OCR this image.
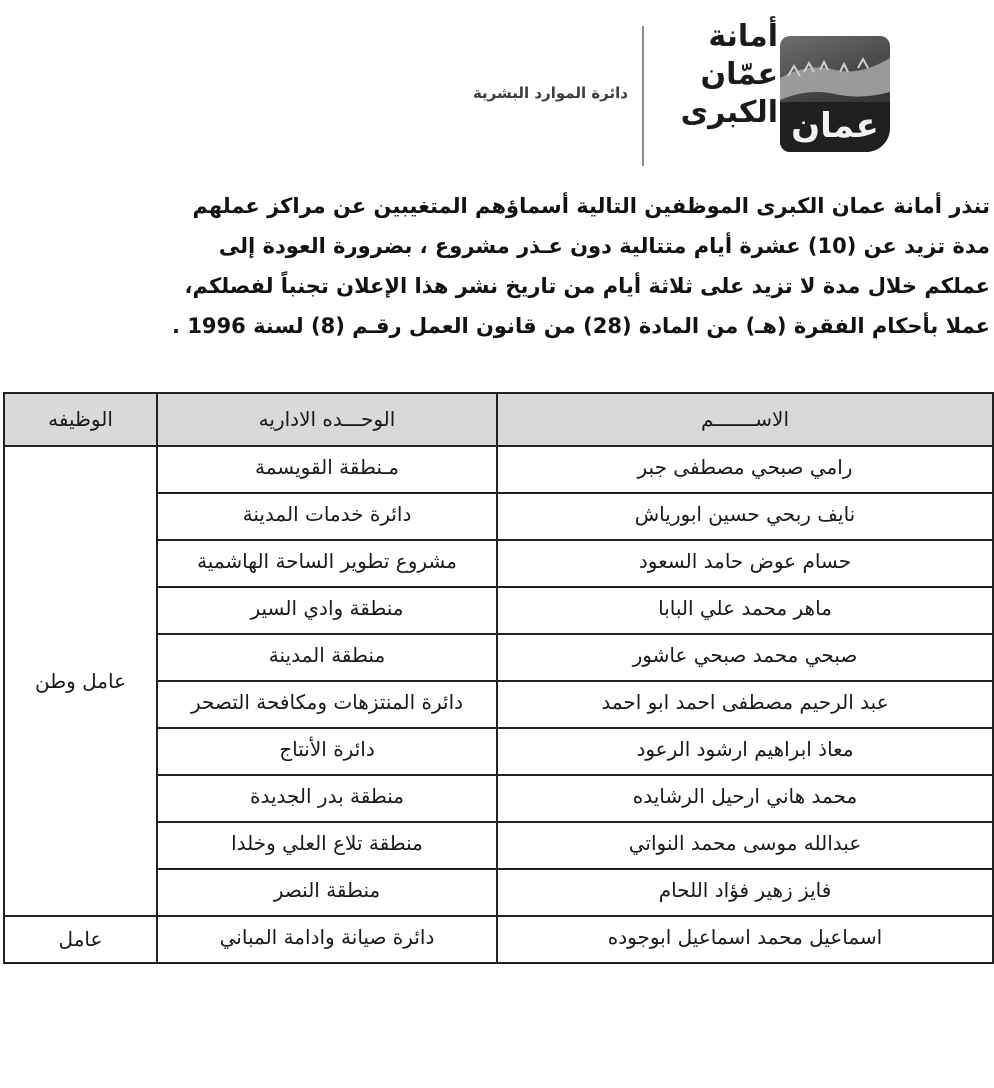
دائرة الموارد البشرية
أمانة
عمّان
الكبرى عمان

تنذر أمانة عمان الكبرى الموظفين التالية أسماؤهم المتغيبين عن مراكز عملهم

مدة تزيد عن (10) عشرة أيام متتالية دون عـذر مشروع ، بضرورة العودة إلى

عملكم خلال مدة لا تزيد على ثلاثة أيام من تاريخ نشر هذا الإعلان تجنباً لفصلكم،

عملا بأحكام الفقرة (هـ) من المادة (28) من قانون العمل رقـم (8) لسنة 1996 .

الاســـــــم	الوحـــده الاداريه	الوظيفه
رامي صبحي مصطفى جبر	مـنطقة القويسمة	عامل وطن
نايف ربحي حسين ابورياش	دائرة خدمات المدينة	
حسام عوض حامد السعود	مشروع تطوير الساحة الهاشمية	
ماهر محمد علي البابا	منطقة وادي السير	
صبحي محمد صبحي عاشور	منطقة المدينة	
عبد الرحيم مصطفى احمد ابو احمد	دائرة المنتزهات ومكافحة التصحر	
معاذ ابراهيم ارشود الرعود	دائرة الأنتاج	
محمد هاني ارحيل الرشايده	منطقة بدر الجديدة	
عبدالله موسى محمد النواتي	منطقة تلاع العلي وخلدا	
فايز زهير فؤاد اللحام	منطقة النصر	
اسماعيل محمد اسماعيل ابوجوده	دائرة صيانة وادامة المباني	عامل
